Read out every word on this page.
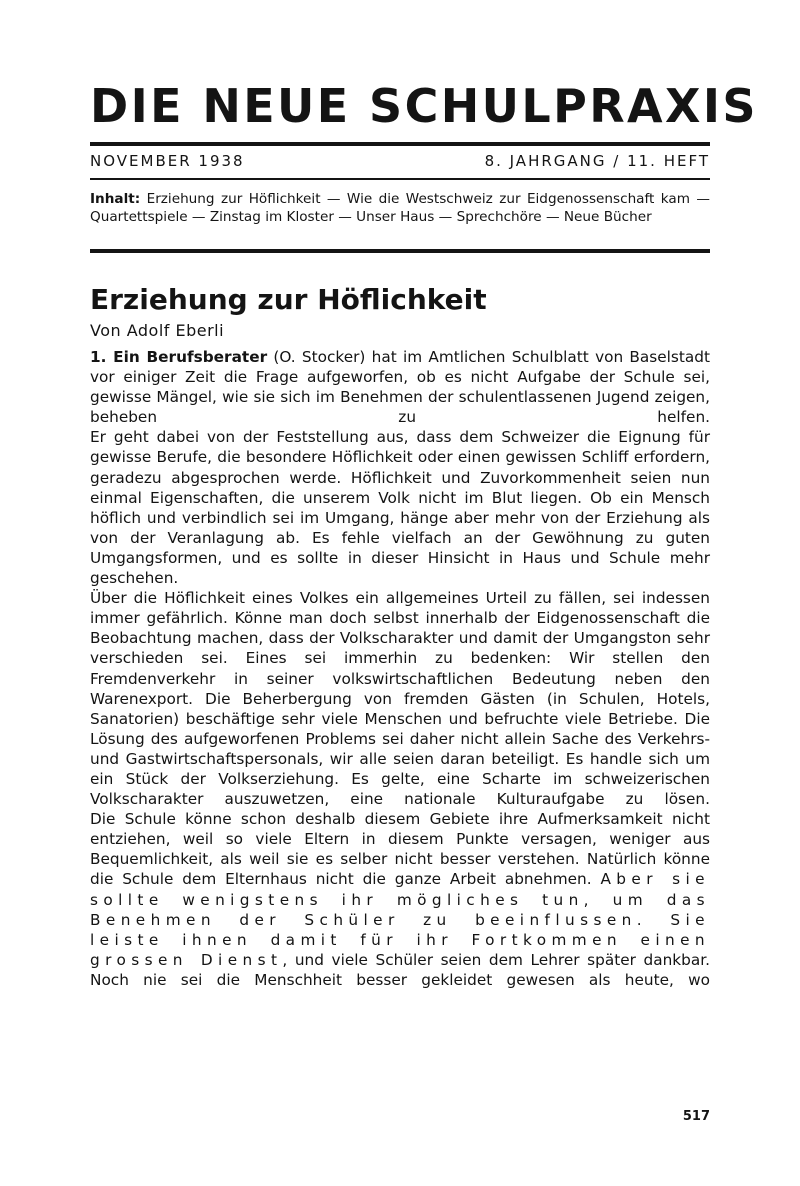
DIE NEUE SCHULPRAXIS
NOVEMBER 1938	8. JAHRGANG / 11. HEFT
Inhalt: Erziehung zur Höflichkeit — Wie die Westschweiz zur Eidgenossenschaft kam — Quartettspiele — Zinstag im Kloster — Unser Haus — Sprechchöre — Neue Bücher
Erziehung zur Höflichkeit
Von Adolf Eberli

1. Ein Berufsberater (O. Stocker) hat im Amtlichen Schulblatt von Baselstadt vor einiger Zeit die Frage aufgeworfen, ob es nicht Aufgabe der Schule sei, gewisse Mängel, wie sie sich im Benehmen der schulentlassenen Jugend zeigen, beheben zu helfen.

Er geht dabei von der Feststellung aus, dass dem Schweizer die Eignung für gewisse Berufe, die besondere Höflichkeit oder einen gewissen Schliff erfordern, geradezu abgesprochen werde. Höflichkeit und Zuvorkommenheit seien nun einmal Eigenschaften, die unserem Volk nicht im Blut liegen. Ob ein Mensch höflich und verbindlich sei im Umgang, hänge aber mehr von der Erziehung als von der Veranlagung ab. Es fehle vielfach an der Gewöhnung zu guten Umgangsformen, und es sollte in dieser Hinsicht in Haus und Schule mehr geschehen.

Über die Höflichkeit eines Volkes ein allgemeines Urteil zu fällen, sei indessen immer gefährlich. Könne man doch selbst innerhalb der Eidgenossenschaft die Beobachtung machen, dass der Volkscharakter und damit der Umgangston sehr verschieden sei. Eines sei immerhin zu bedenken: Wir stellen den Fremdenverkehr in seiner volkswirtschaftlichen Bedeutung neben den Warenexport. Die Beherbergung von fremden Gästen (in Schulen, Hotels, Sanatorien) beschäftige sehr viele Menschen und befruchte viele Betriebe. Die Lösung des aufgeworfenen Problems sei daher nicht allein Sache des Verkehrs- und Gastwirtschaftspersonals, wir alle seien daran beteiligt. Es handle sich um ein Stück der Volkserziehung. Es gelte, eine Scharte im schweizerischen Volkscharakter auszuwetzen, eine nationale Kulturaufgabe zu lösen.

Die Schule könne schon deshalb diesem Gebiete ihre Aufmerksamkeit nicht entziehen, weil so viele Eltern in diesem Punkte versagen, weniger aus Bequemlichkeit, als weil sie es selber nicht besser verstehen. Natürlich könne die Schule dem Elternhaus nicht die ganze Arbeit abnehmen. Aber sie sollte wenigstens ihr mögliches tun, um das Benehmen der Schüler zu beeinflussen. Sie leiste ihnen damit für ihr Fortkommen einen grossen Dienst, und viele Schüler seien dem Lehrer später dankbar.

Noch nie sei die Menschheit besser gekleidet gewesen als heute, wo

517
